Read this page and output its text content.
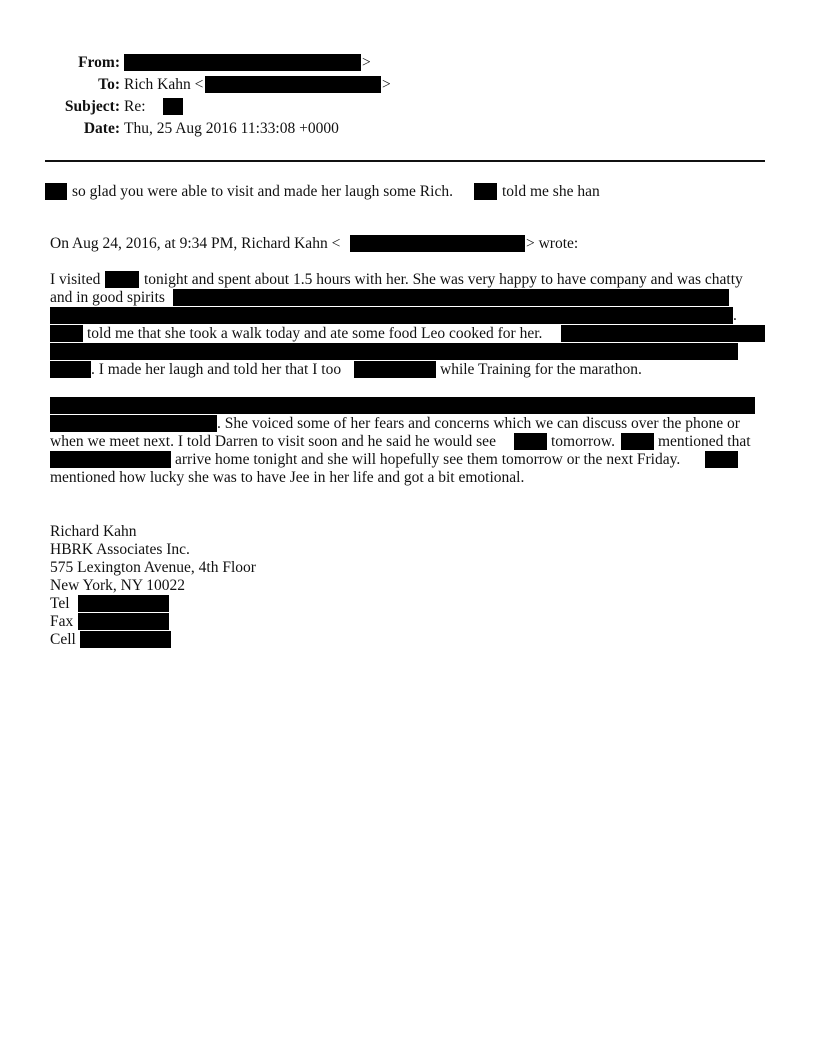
From:	>
To: Rich Kahn <	>
Subject: Re:
Date: Thu, 25 Aug 2016 11:33:08 +0000
so glad you were able to visit and made her laugh some Rich.	told me she han
On Aug 24, 2016, at 9:34 PM, Richard Kahn <	> wrote:
I visited	tonight and spent about 1.5 hours with her. She was very happy to have company and was chatty
and in good spirits
.
told me that she took a walk today and ate some food Leo cooked for her.
. I made her laugh and told her that I too	while Training for the marathon.
. She voiced some of her fears and concerns which we can discuss over the phone or
when we meet next. I told Darren to visit soon and he said he would see	tomorrow.	mentioned that
arrive home tonight and she will hopefully see them tomorrow or the next Friday.
mentioned how lucky she was to have Jee in her life and got a bit emotional.
Richard Kahn
HBRK Associates Inc.
575 Lexington Avenue, 4th Floor
New York, NY 10022
Tel
Fax
Cell
